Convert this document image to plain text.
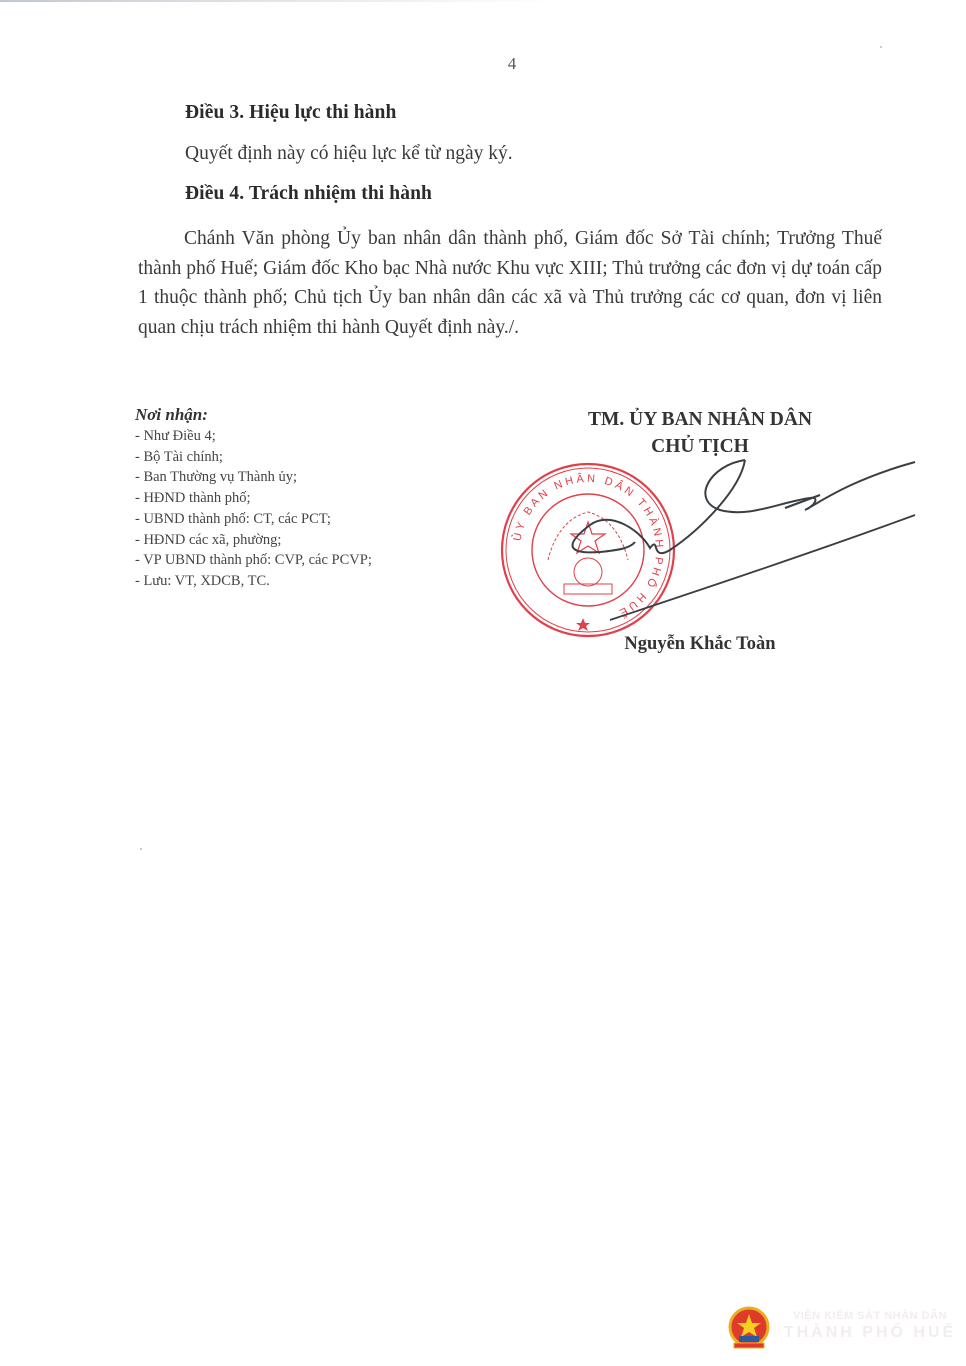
4
Điều 3. Hiệu lực thi hành
Quyết định này có hiệu lực kể từ ngày ký.
Điều 4. Trách nhiệm thi hành
Chánh Văn phòng Ủy ban nhân dân thành phố, Giám đốc Sở Tài chính; Trưởng Thuế thành phố Huế; Giám đốc Kho bạc Nhà nước Khu vực XIII; Thủ trưởng các đơn vị dự toán cấp 1 thuộc thành phố; Chủ tịch Ủy ban nhân dân các xã và Thủ trưởng các cơ quan, đơn vị liên quan chịu trách nhiệm thi hành Quyết định này./.
Nơi nhận:
- Như Điều 4;
- Bộ Tài chính;
- Ban Thường vụ Thành ủy;
- HĐND thành phố;
- UBND thành phố: CT, các PCT;
- HĐND các xã, phường;
- VP UBND thành phố: CVP, các PCVP;
- Lưu: VT, XDCB, TC.
TM. ỦY BAN NHÂN DÂN
CHỦ TỊCH
ỦY BAN NHÂN DÂN THÀNH PHỐ HUẾ
Nguyễn Khắc Toàn
VIỆN KIỂM SÁT NHÂN DÂN
THÀNH PHỐ HUẾ
